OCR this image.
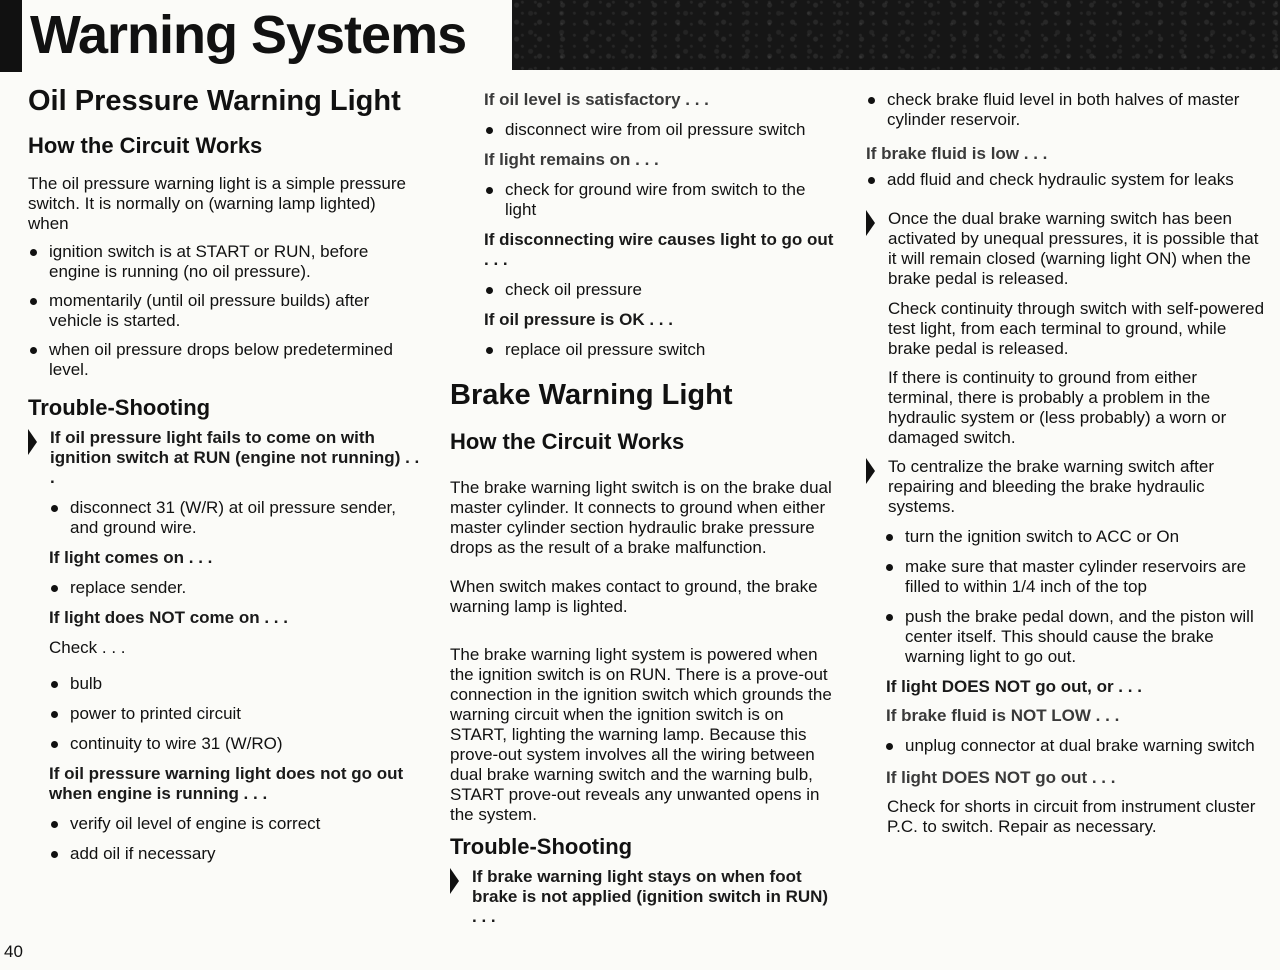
Warning Systems
Oil Pressure Warning Light
How the Circuit Works

The oil pressure warning light is a simple pressure switch. It is normally on (warning lamp lighted) when

ignition switch is at START or RUN, before engine is running (no oil pressure).
momentarily (until oil pressure builds) after vehicle is started.
when oil pressure drops below predetermined level.
Trouble-Shooting

If oil pressure light fails to come on with ignition switch at RUN (engine not running) . . .

disconnect 31 (W/R) at oil pressure sender, and ground wire.

If light comes on . . .

replace sender.

If light does NOT come on . . .

Check . . .

bulb
power to printed circuit
continuity to wire 31 (W/RO)

If oil pressure warning light does not go out when engine is running . . .

verify oil level of engine is correct
add oil if necessary

If oil level is satisfactory . . .

disconnect wire from oil pressure switch

If light remains on . . .

check for ground wire from switch to the light

If disconnecting wire causes light to go out . . .

check oil pressure

If oil pressure is OK . . .

replace oil pressure switch
Brake Warning Light
How the Circuit Works

The brake warning light switch is on the brake dual master cylinder. It connects to ground when either master cylinder section hydraulic brake pressure drops as the result of a brake malfunction.

When switch makes contact to ground, the brake warning lamp is lighted.

The brake warning light system is powered when the ignition switch is on RUN. There is a prove-out connection in the ignition switch which grounds the warning circuit when the ignition switch is on START, lighting the warning lamp. Because this prove-out system involves all the wiring between dual brake warning switch and the warning bulb, START prove-out reveals any unwanted opens in the system.

Trouble-Shooting

If brake warning light stays on when foot brake is not applied (ignition switch in RUN) . . .

check brake fluid level in both halves of master cylinder reservoir.

If brake fluid is low . . .

add fluid and check hydraulic system for leaks

Once the dual brake warning switch has been activated by unequal pressures, it is possible that it will remain closed (warning light ON) when the brake pedal is released.

Check continuity through switch with self-powered test light, from each terminal to ground, while brake pedal is released.

If there is continuity to ground from either terminal, there is probably a problem in the hydraulic system or (less probably) a worn or damaged switch.

To centralize the brake warning switch after repairing and bleeding the brake hydraulic systems.

turn the ignition switch to ACC or On
make sure that master cylinder reservoirs are filled to within 1/4 inch of the top
push the brake pedal down, and the piston will center itself. This should cause the brake warning light to go out.

If light DOES NOT go out, or . . .

If brake fluid is NOT LOW . . .

unplug connector at dual brake warning switch

If light DOES NOT go out . . .

Check for shorts in circuit from instrument cluster P.C. to switch. Repair as necessary.

40
